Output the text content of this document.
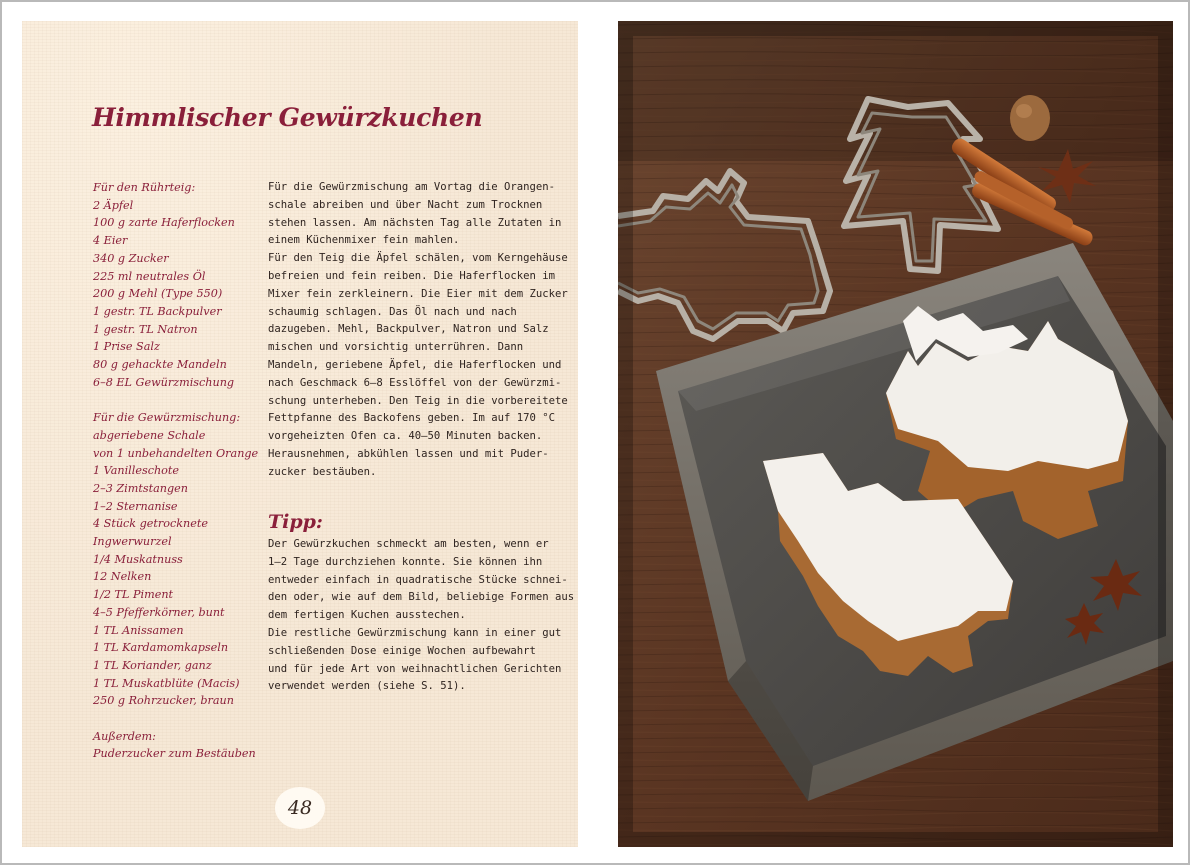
Himmlischer Gewürzkuchen
Für den Rührteig:
2 Äpfel
100 g zarte Haferflocken
4 Eier
340 g Zucker
225 ml neutrales Öl
200 g Mehl (Type 550)
1 gestr. TL Backpulver
1 gestr. TL Natron
1 Prise Salz
80 g gehackte Mandeln
6–8 EL Gewürzmischung
Für die Gewürzmischung:
abgeriebene Schale
von 1 unbehandelten Orange
1 Vanilleschote
2–3 Zimtstangen
1–2 Sternanise
4 Stück getrocknete
Ingwerwurzel
1/4 Muskatnuss
12 Nelken
1/2 TL Piment
4–5 Pfefferkörner, bunt
1 TL Anissamen
1 TL Kardamomkapseln
1 TL Koriander, ganz
1 TL Muskatblüte (Macis)
250 g Rohrzucker, braun
Außerdem:
Puderzucker zum Bestäuben
Für die Gewürzmischung am Vortag die Orangen-
schale abreiben und über Nacht zum Trocknen
stehen lassen. Am nächsten Tag alle Zutaten in
einem Küchenmixer fein mahlen.
Für den Teig die Äpfel schälen, vom Kerngehäuse
befreien und fein reiben. Die Haferflocken im
Mixer fein zerkleinern. Die Eier mit dem Zucker
schaumig schlagen. Das Öl nach und nach
dazugeben. Mehl, Backpulver, Natron und Salz
mischen und vorsichtig unterrühren. Dann
Mandeln, geriebene Äpfel, die Haferflocken und
nach Geschmack 6–8 Esslöffel von der Gewürzmi-
schung unterheben. Den Teig in die vorbereitete
Fettpfanne des Backofens geben. Im auf 170 °C
vorgeheizten Ofen ca. 40–50 Minuten backen.
Herausnehmen, abkühlen lassen und mit Puder-
zucker bestäuben.
Tipp:
Der Gewürzkuchen schmeckt am besten, wenn er
1–2 Tage durchziehen konnte. Sie können ihn
entweder einfach in quadratische Stücke schnei-
den oder, wie auf dem Bild, beliebige Formen aus
dem fertigen Kuchen ausstechen.
Die restliche Gewürzmischung kann in einer gut
schließenden Dose einige Wochen aufbewahrt
und für jede Art von weihnachtlichen Gerichten
verwendet werden (siehe S. 51).
48
